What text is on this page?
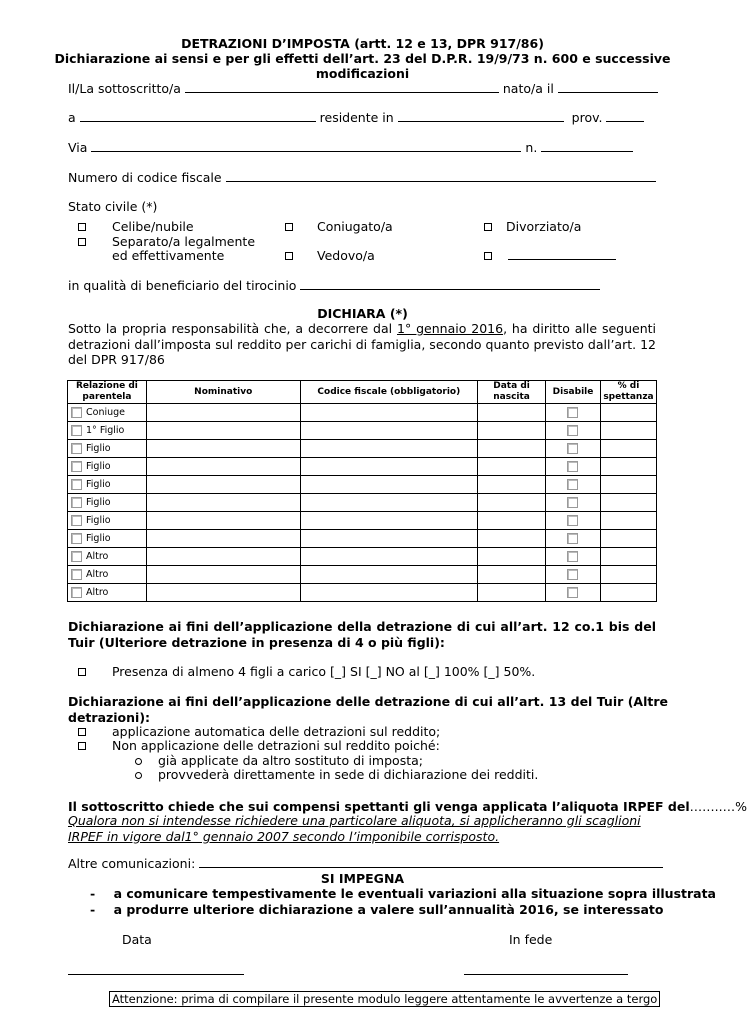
DETRAZIONI D’IMPOSTA (artt. 12 e 13, DPR 917/86)
Dichiarazione ai sensi e per gli effetti dell’art. 23 del D.P.R. 19/9/73 n. 600 e successive modificazioni
Il/La sottoscritto/a	nato/a il
a	residente in	prov.
Via	n.
Numero di codice fiscale
Stato civile (*)
Celibe/nubile	Coniugato/a	Divorziato/a
Separato/a legalmente
ed effettivamente	Vedovo/a

in qualità di beneficiario del tirocinio
DICHIARA (*)
Sotto la propria responsabilità che, a decorrere dal 1° gennaio 2016, ha diritto alle seguenti detrazioni dall’imposta sul reddito per carichi di famiglia, secondo quanto previsto dall’art. 12 del DPR 917/86
Relazione di parentela	Nominativo	Codice fiscale (obbligatorio)	Data di nascita	Disabile	% di spettanza
Coniuge					
1° Figlio					
Figlio					
Figlio					
Figlio					
Figlio					
Figlio					
Figlio					
Altro					
Altro					
Altro					
Dichiarazione ai fini dell’applicazione della detrazione di cui all’art. 12 co.1 bis del Tuir (Ulteriore detrazione in presenza di 4 o più figli):
Presenza di almeno 4 figli a carico [_] SI [_] NO al [_] 100% [_] 50%.
Dichiarazione ai fini dell’applicazione delle detrazione di cui all’art. 13 del Tuir (Altre detrazioni):
applicazione automatica delle detrazioni sul reddito;
Non applicazione delle detrazioni sul reddito poiché:
già applicate da altro sostituto di imposta;
provvederà direttamente in sede di dichiarazione dei redditi.
Il sottoscritto chiede che sui compensi spettanti gli venga applicata l’aliquota IRPEF del……..…%
Qualora non si intendesse richiedere una particolare aliquota, si applicheranno gli scaglioni IRPEF in vigore dal1° gennaio 2007 secondo l’imponibile corrisposto.
Altre comunicazioni:
SI IMPEGNA
- a comunicare tempestivamente le eventuali variazioni alla situazione sopra illustrata
- a produrre ulteriore dichiarazione a valere sull’annualità 2016, se interessato
Data	In fede
Attenzione: prima di compilare il presente modulo leggere attentamente le avvertenze a tergo
